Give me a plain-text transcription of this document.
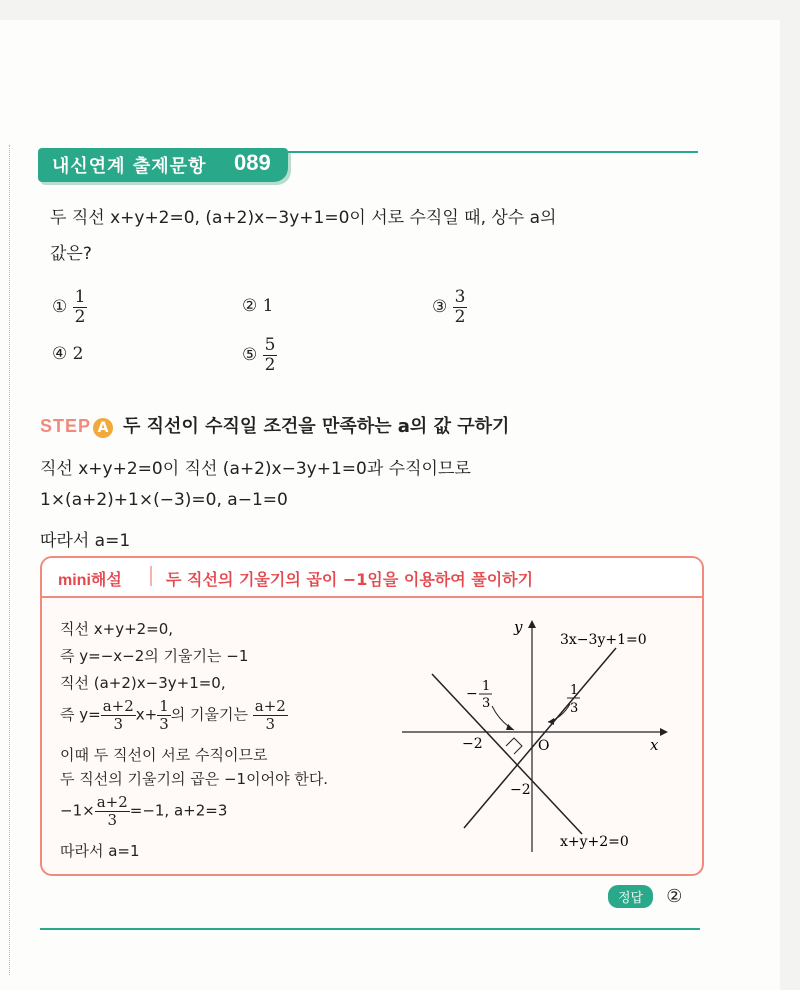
내신연계 출제문항 089
두 직선 x+y+2=0, (a+2)x−3y+1=0이 서로 수직일 때, 상수 a의
값은?
① $\frac{1}{2}$	② 1	③ $\frac{3}{2}$
④ 2	⑤ $\frac{5}{2}$
STEP A 두 직선이 수직일 조건을 만족하는 a의 값 구하기
직선 x+y+2=0이 직선 (a+2)x−3y+1=0과 수직이므로
1×(a+2)+1×(−3)=0, a−1=0
따라서 a=1
mini해설	두 직선의 기울기의 곱이 −1임을 이용하여 풀이하기
직선 x+y+2=0,
즉 y=−x−2의 기울기는 −1
직선 (a+2)x−3y+1=0,
즉 $y= \frac{a+2}{3} x+ \frac{1}{3}$ 의 기울기는 $\frac{a+2}{3}$
이때 두 직선이 서로 수직이므로
두 직선의 기울기의 곱은 −1이어야 한다.
$-1\times \frac{a+2}{3} =-1$, a+2=3
따라서 a=1
y
x
O
−2
−2
3x−3y+1=0
x+y+2=0
− 1
3
1
3
정답 ②
